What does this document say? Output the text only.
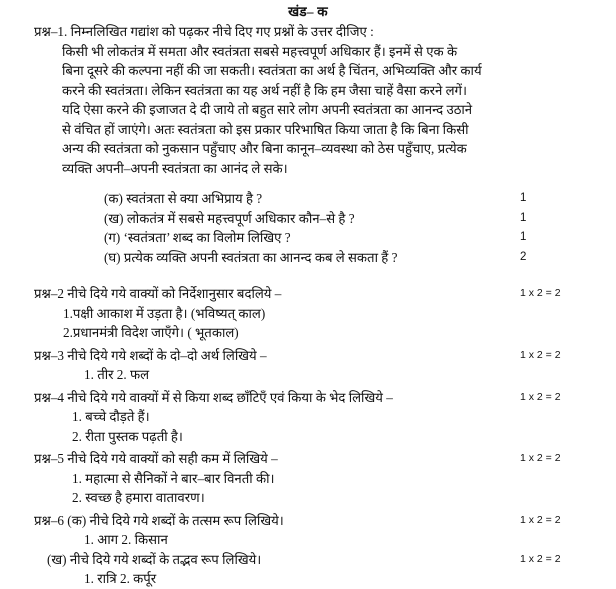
खंड– क
प्रश्न–1. निम्नलिखित गद्यांश को पढ़कर नीचे दिए गए प्रश्नों के उत्तर दीजिए :
किसी भी लोकतंत्र में समता और स्वतंत्रता सबसे महत्त्वपूर्ण अधिकार हैं। इनमें से एक के
बिना दूसरे की कल्पना नहीं की जा सकती। स्वतंत्रता का अर्थ है चिंतन, अभिव्यक्ति और कार्य
करने की स्वतंत्रता। लेकिन स्वतंत्रता का यह अर्थ नहीं है कि हम जैसा चाहें वैसा करने लगें।
यदि ऐसा करने की इजाजत दे दी जाये तो बहुत सारे लोग अपनी स्वतंत्रता का आनन्द उठाने
से वंचित हों जाएंगे। अतः स्वतंत्रता को इस प्रकार परिभाषित किया जाता है कि बिना किसी
अन्य की स्वतंत्रता को नुकसान पहुँचाए और बिना कानून–व्यवस्था को ठेस पहुँचाए, प्रत्येक
व्यक्ति अपनी–अपनी स्वतंत्रता का आनंद ले सके।
(क) स्वतंत्रता से क्या अभिप्राय है ?	1
(ख) लोकतंत्र में सबसे महत्त्वपूर्ण अधिकार कौन–से है ?	1
(ग) ‘स्वतंत्रता’ शब्द का विलोम लिखिए ?	1
(घ) प्रत्येक व्यक्ति अपनी स्वतंत्रता का आनन्द कब ले सकता हैं ?	2
प्रश्न–2 नीचे दिये गये वाक्यों को निर्देशानुसार बदलिये –	1 x 2 = 2
1.पक्षी आकाश में उड़ता है। (भविष्यत् काल)
2.प्रधानमंत्री विदेश जाएँगे। ( भूतकाल)
प्रश्न–3 नीचे दिये गये शब्दों के दो–दो अर्थ लिखिये –	1 x 2 = 2
1. तीर 2. फल
प्रश्न–4 नीचे दिये गये वाक्यों में से किया शब्द छाँटिएँ एवं किया के भेद लिखिये –	1 x 2 = 2
1. बच्चे दौड़ते हैं।
2. रीता पुस्तक पढ़ती है।
प्रश्न–5 नीचे दिये गये वाक्यों को सही कम में लिखिये –	1 x 2 = 2
1. महात्मा से सैनिकों ने बार–बार विनती की।
2. स्वच्छ है हमारा वातावरण।
प्रश्न–6 (क) नीचे दिये गये शब्दों के तत्सम रूप लिखिये।	1 x 2 = 2
1. आग 2. किसान
(ख) नीचे दिये गये शब्दों के तद्भव रूप लिखिये।	1 x 2 = 2
1. रात्रि 2. कर्पूर
